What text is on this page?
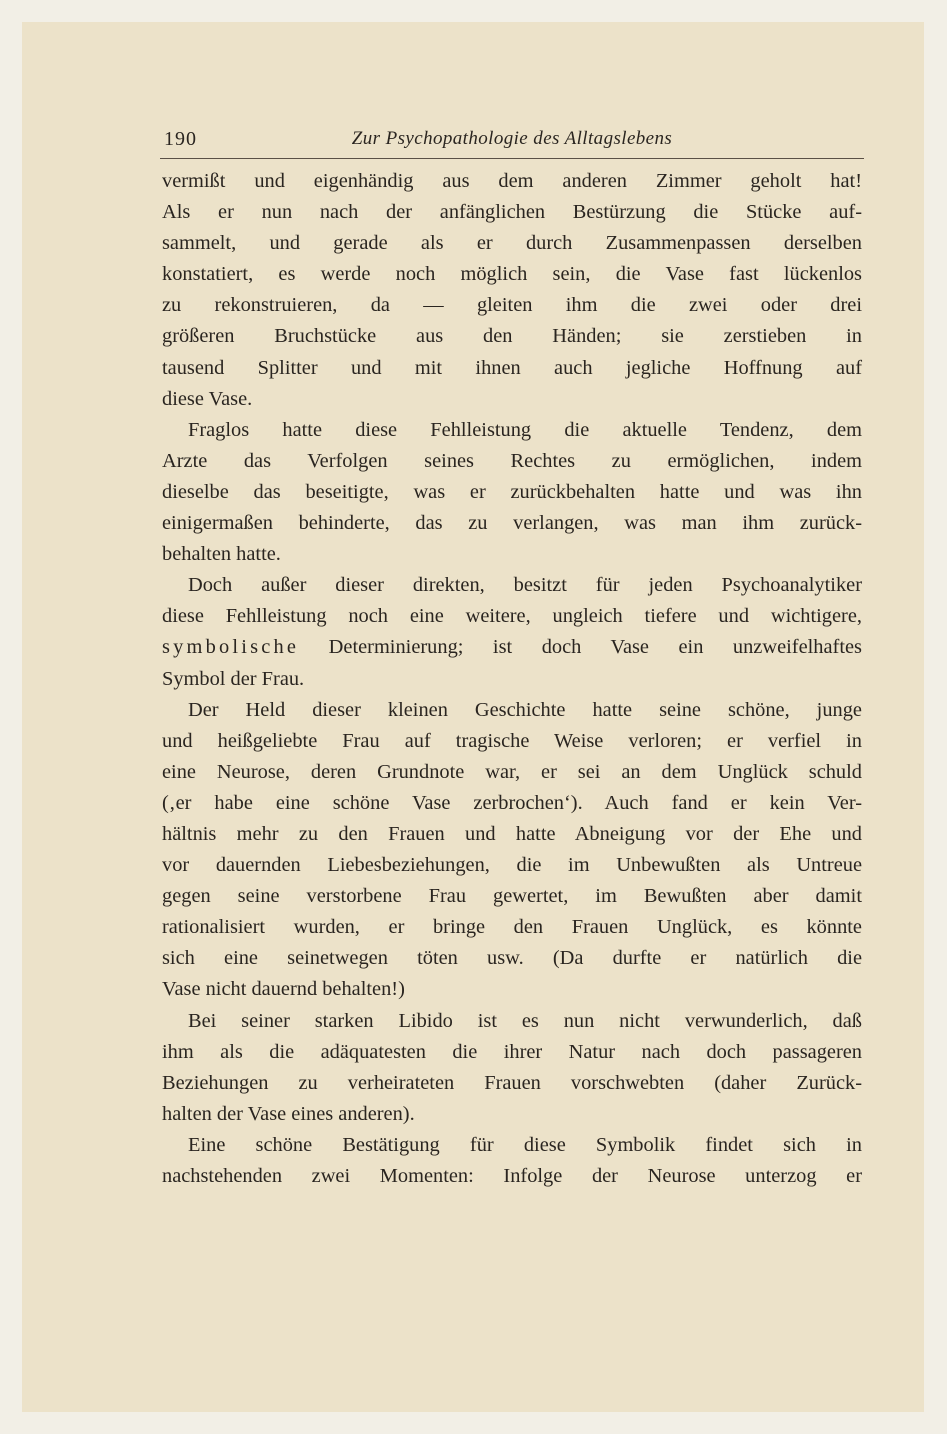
190	Zur Psychopathologie des Alltagslebens
vermißt und eigenhändig aus dem anderen Zimmer geholt hat!
Als er nun nach der anfänglichen Bestürzung die Stücke auf-
sammelt, und gerade als er durch Zusammenpassen derselben
konstatiert, es werde noch möglich sein, die Vase fast lückenlos
zu rekonstruieren, da — gleiten ihm die zwei oder drei
größeren Bruchstücke aus den Händen; sie zerstieben in
tausend Splitter und mit ihnen auch jegliche Hoffnung auf
diese Vase.
Fraglos hatte diese Fehlleistung die aktuelle Tendenz, dem
Arzte das Verfolgen seines Rechtes zu ermöglichen, indem
dieselbe das beseitigte, was er zurückbehalten hatte und was ihn
einigermaßen behinderte, das zu verlangen, was man ihm zurück-
behalten hatte.
Doch außer dieser direkten, besitzt für jeden Psychoanalytiker
diese Fehlleistung noch eine weitere, ungleich tiefere und wichtigere,
symbolische Determinierung; ist doch Vase ein unzweifelhaftes
Symbol der Frau.
Der Held dieser kleinen Geschichte hatte seine schöne, junge
und heißgeliebte Frau auf tragische Weise verloren; er verfiel in
eine Neurose, deren Grundnote war, er sei an dem Unglück schuld
(‚er habe eine schöne Vase zerbrochen‘). Auch fand er kein Ver-
hältnis mehr zu den Frauen und hatte Abneigung vor der Ehe und
vor dauernden Liebesbeziehungen, die im Unbewußten als Untreue
gegen seine verstorbene Frau gewertet, im Bewußten aber damit
rationalisiert wurden, er bringe den Frauen Unglück, es könnte
sich eine seinetwegen töten usw. (Da durfte er natürlich die
Vase nicht dauernd behalten!)
Bei seiner starken Libido ist es nun nicht verwunderlich, daß
ihm als die adäquatesten die ihrer Natur nach doch passageren
Beziehungen zu verheirateten Frauen vorschwebten (daher Zurück-
halten der Vase eines anderen).
Eine schöne Bestätigung für diese Symbolik findet sich in
nachstehenden zwei Momenten: Infolge der Neurose unterzog er
